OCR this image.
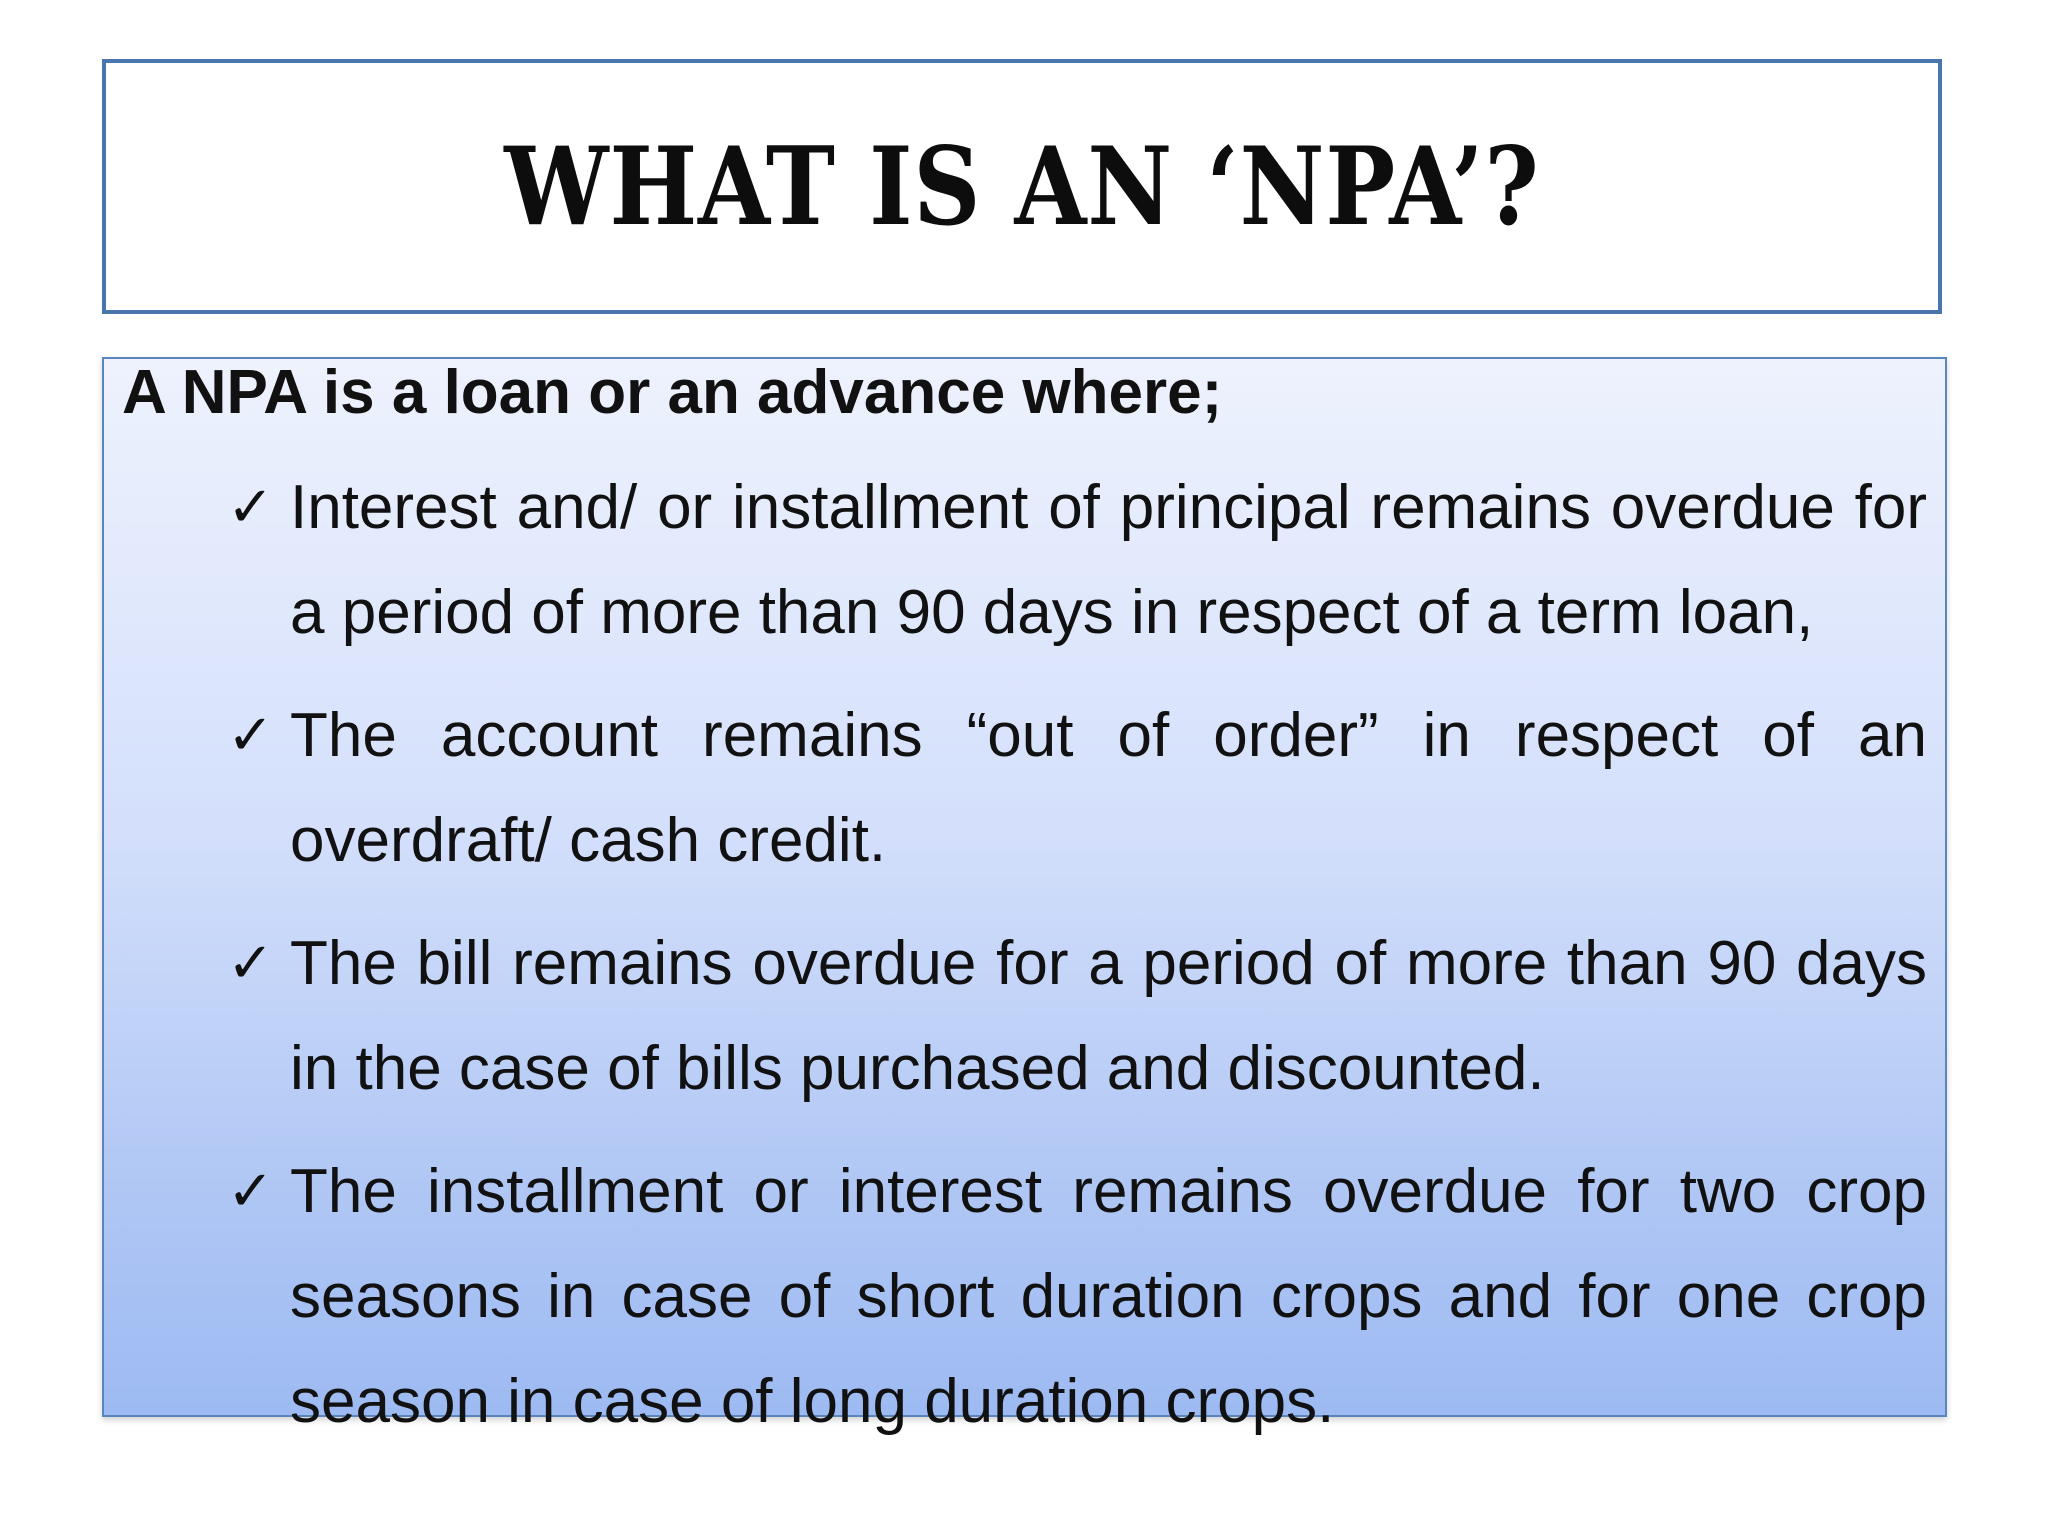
WHAT IS AN ‘NPA’?
A NPA is a loan or an advance where;
✓ Interest and/ or installment of principal remains overdue for a period of more than 90 days in respect of a term loan,
✓ The account remains “out of order” in respect of an overdraft/ cash credit.
✓ The bill remains overdue for a period of more than 90 days in the case of bills purchased and discounted.
✓ The installment or interest remains overdue for two crop seasons in case of short duration crops and for one crop season in case of long duration crops.
